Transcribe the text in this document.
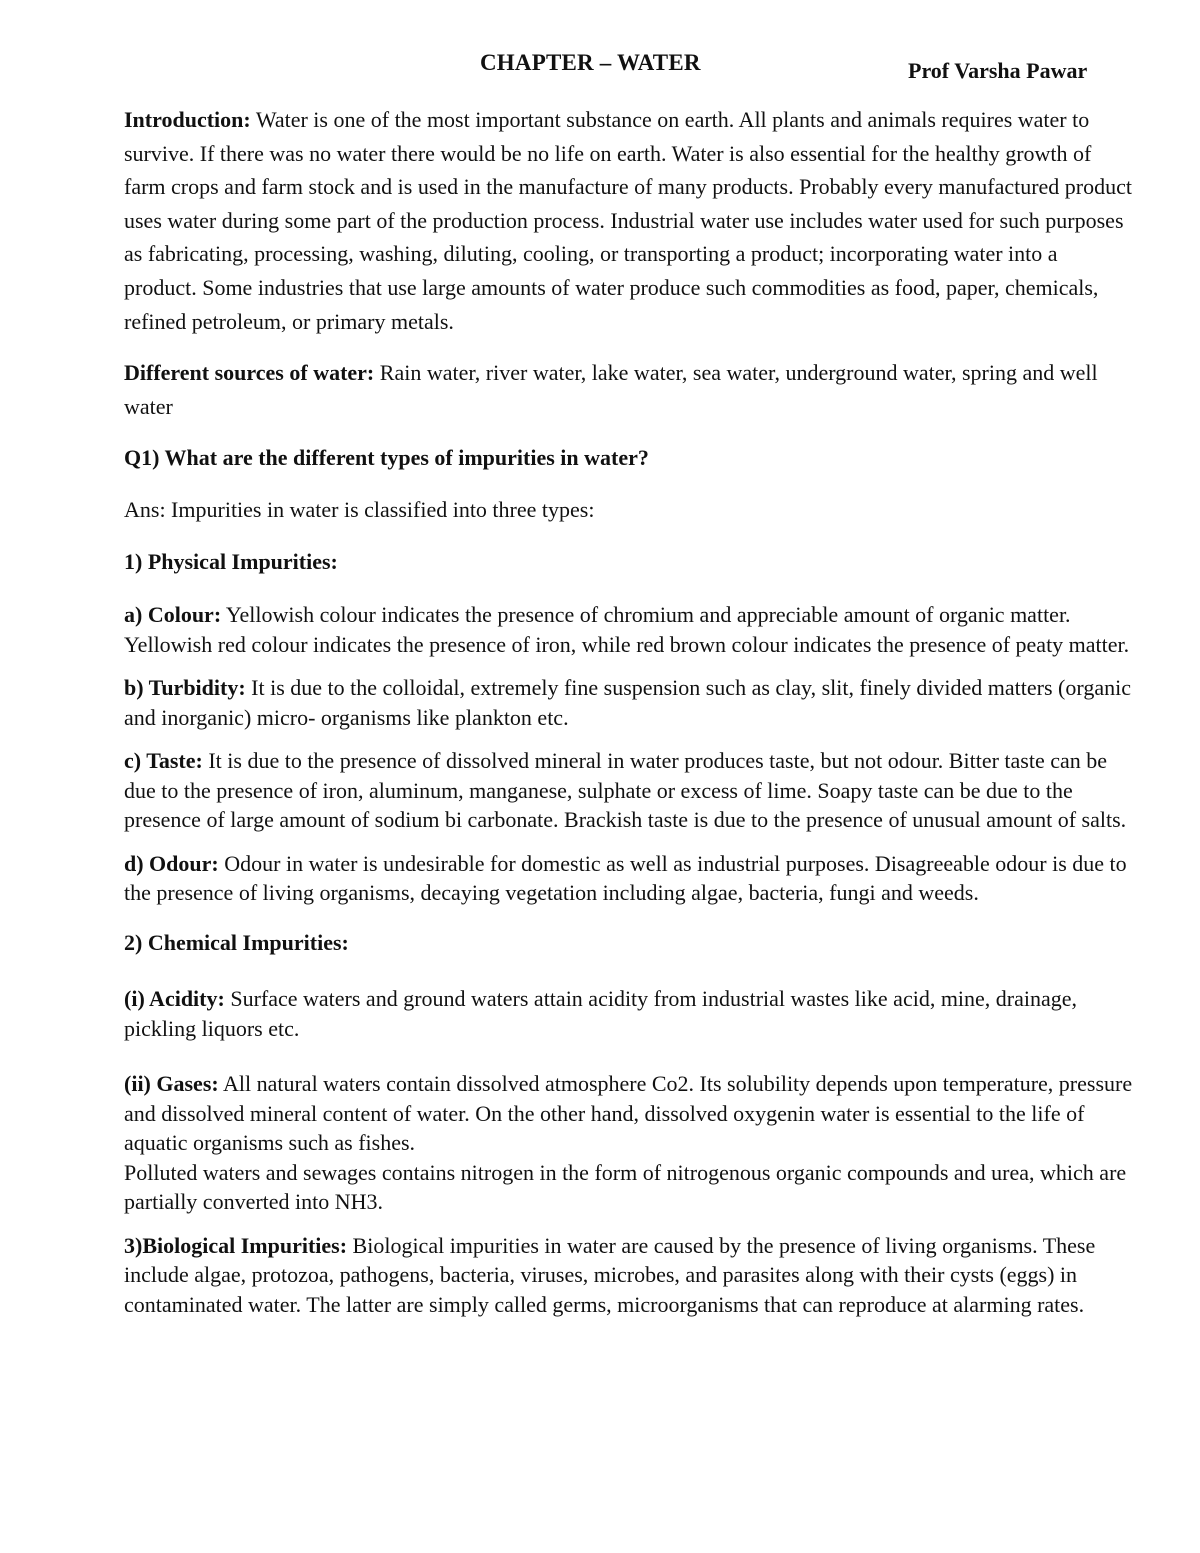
CHAPTER – WATER	Prof Varsha Pawar

Introduction: Water is one of the most important substance on earth. All plants and animals requires water to survive. If there was no water there would be no life on earth. Water is also essential for the healthy growth of farm crops and farm stock and is used in the manufacture of many products. Probably every manufactured product uses water during some part of the production process. Industrial water use includes water used for such purposes as fabricating, processing, washing, diluting, cooling, or transporting a product; incorporating water into a product. Some industries that use large amounts of water produce such commodities as food, paper, chemicals, refined petroleum, or primary metals.

Different sources of water: Rain water, river water, lake water, sea water, underground water, spring and well water

Q1) What are the different types of impurities in water?

Ans: Impurities in water is classified into three types:

1) Physical Impurities:

a) Colour: Yellowish colour indicates the presence of chromium and appreciable amount of organic matter. Yellowish red colour indicates the presence of iron, while red brown colour indicates the presence of peaty matter.

b) Turbidity: It is due to the colloidal, extremely fine suspension such as clay, slit, finely divided matters (organic and inorganic) micro- organisms like plankton etc.

c) Taste: It is due to the presence of dissolved mineral in water produces taste, but not odour. Bitter taste can be due to the presence of iron, aluminum, manganese, sulphate or excess of lime. Soapy taste can be due to the presence of large amount of sodium bi carbonate. Brackish taste is due to the presence of unusual amount of salts.

d) Odour: Odour in water is undesirable for domestic as well as industrial purposes. Disagreeable odour is due to the presence of living organisms, decaying vegetation including algae, bacteria, fungi and weeds.

2) Chemical Impurities:

(i) Acidity: Surface waters and ground waters attain acidity from industrial wastes like acid, mine, drainage, pickling liquors etc.

(ii) Gases: All natural waters contain dissolved atmosphere Co2. Its solubility depends upon temperature, pressure and dissolved mineral content of water. On the other hand, dissolved oxygenin water is essential to the life of aquatic organisms such as fishes.
Polluted waters and sewages contains nitrogen in the form of nitrogenous organic compounds and urea, which are partially converted into NH3.

3)Biological Impurities: Biological impurities in water are caused by the presence of living organisms. These include algae, protozoa, pathogens, bacteria, viruses, microbes, and parasites along with their cysts (eggs) in contaminated water. The latter are simply called germs, microorganisms that can reproduce at alarming rates.
